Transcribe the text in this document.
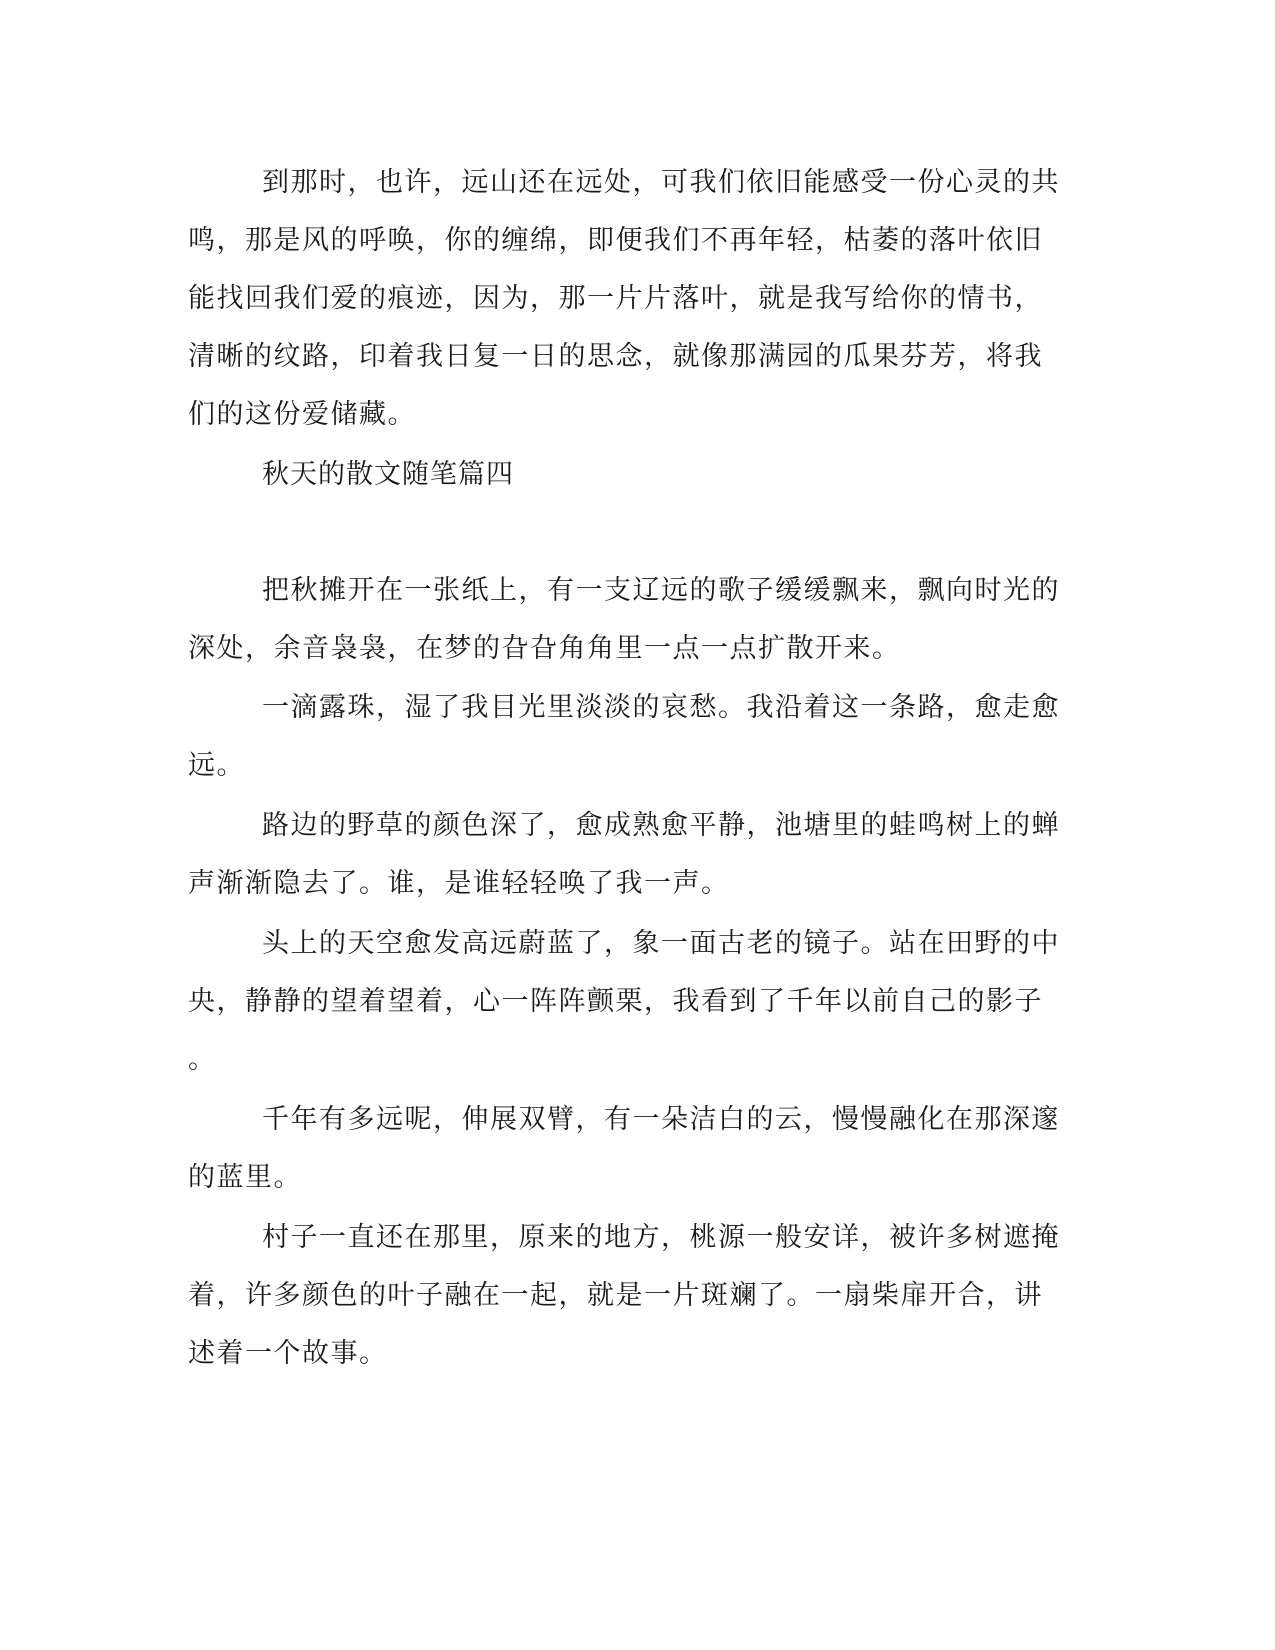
到那时，也许，远山还在远处，可我们依旧能感受一份心灵的共
鸣，那是风的呼唤，你的缠绵，即便我们不再年轻，枯萎的落叶依旧
能找回我们爱的痕迹，因为，那一片片落叶，就是我写给你的情书，
清晰的纹路，印着我日复一日的思念，就像那满园的瓜果芬芳，将我
们的这份爱储藏。
秋天的散文随笔篇四
把秋摊开在一张纸上，有一支辽远的歌子缓缓飘来，飘向时光的
深处，余音袅袅，在梦的旮旮角角里一点一点扩散开来。
一滴露珠，湿了我目光里淡淡的哀愁。我沿着这一条路，愈走愈
远。
路边的野草的颜色深了，愈成熟愈平静，池塘里的蛙鸣树上的蝉
声渐渐隐去了。谁，是谁轻轻唤了我一声。
头上的天空愈发高远蔚蓝了，象一面古老的镜子。站在田野的中
央，静静的望着望着，心一阵阵颤栗，我看到了千年以前自己的影子
。
千年有多远呢，伸展双臂，有一朵洁白的云，慢慢融化在那深邃
的蓝里。
村子一直还在那里，原来的地方，桃源一般安详，被许多树遮掩
着，许多颜色的叶子融在一起，就是一片斑斓了。一扇柴扉开合，讲
述着一个故事。
